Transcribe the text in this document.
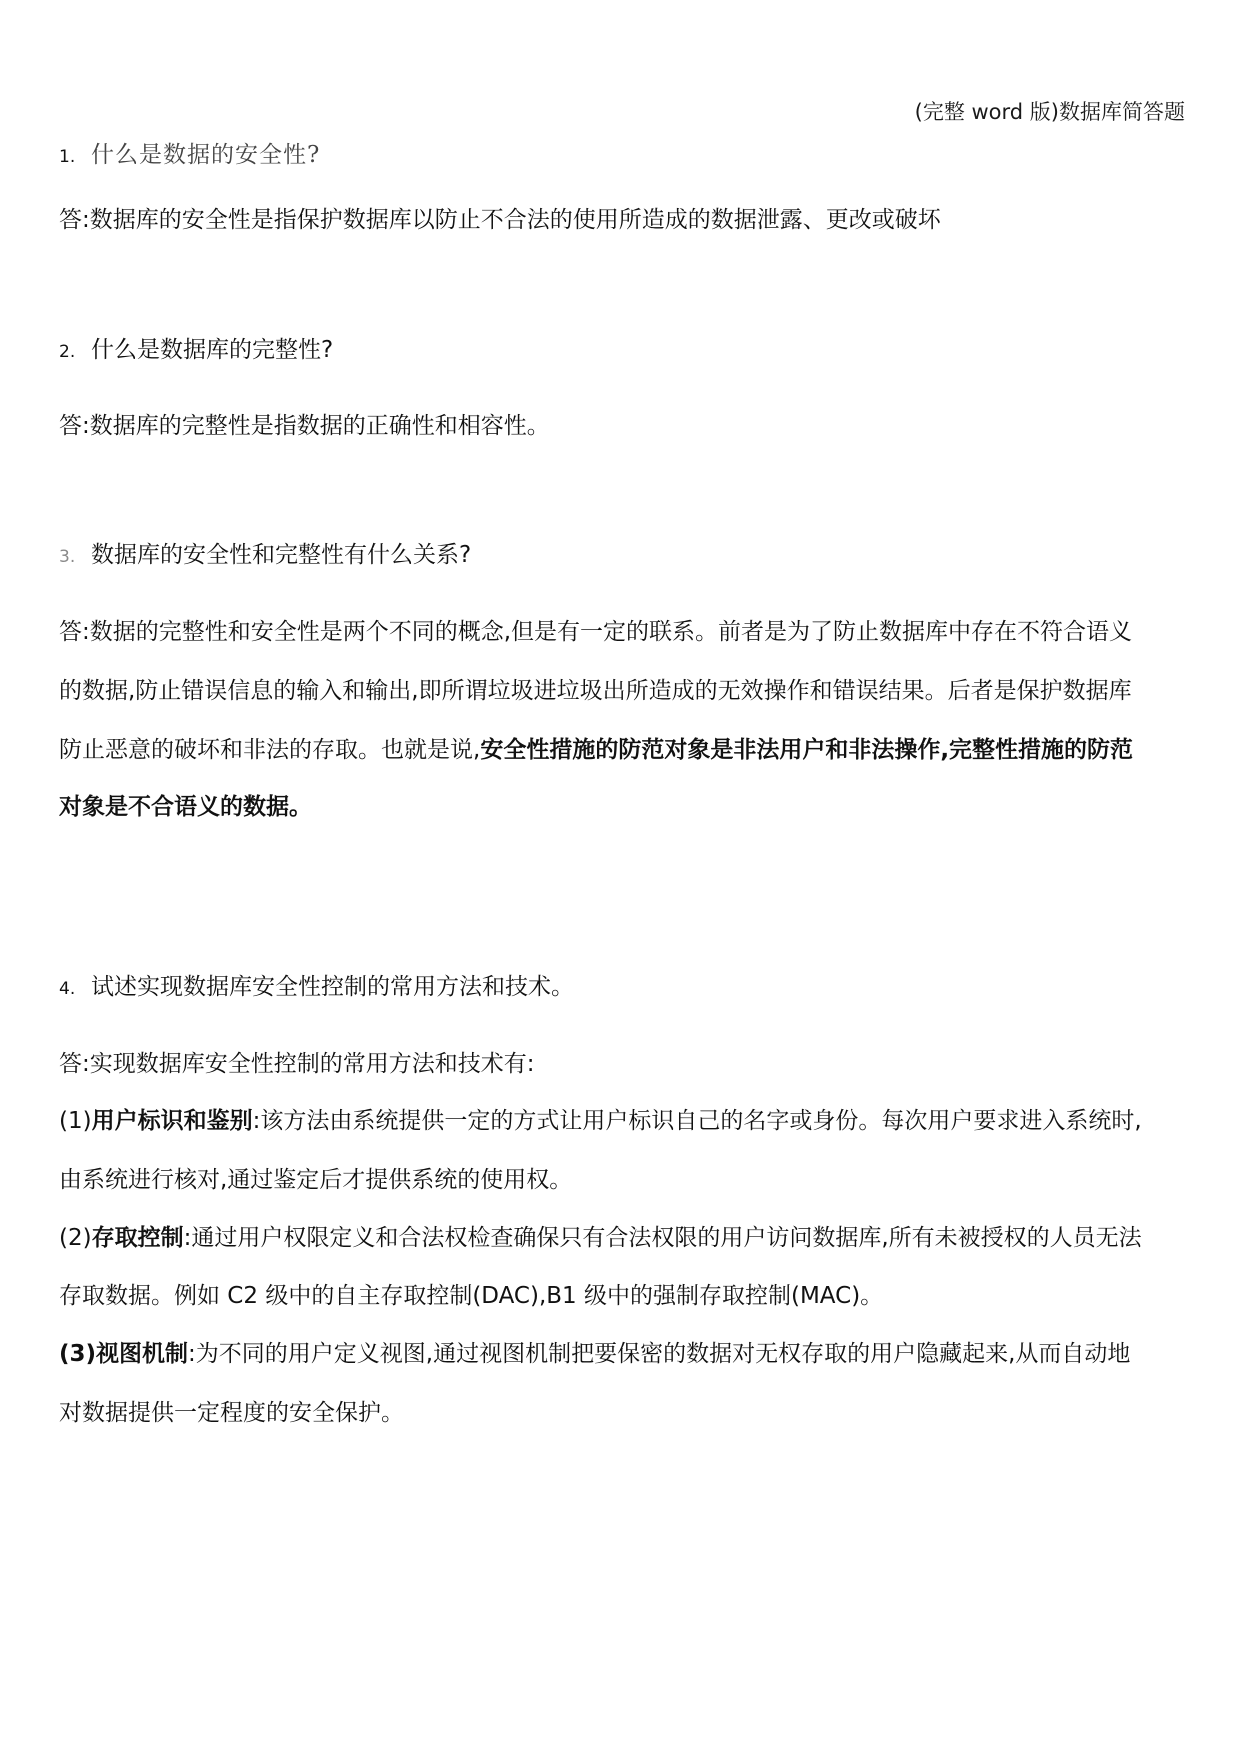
(完整 word 版)数据库简答题
1. 什么是数据的安全性?
答:数据库的安全性是指保护数据库以防止不合法的使用所造成的数据泄露、更改或破坏
2. 什么是数据库的完整性?
答:数据库的完整性是指数据的正确性和相容性。
3. 数据库的安全性和完整性有什么关系?
答:数据的完整性和安全性是两个不同的概念,但是有一定的联系。前者是为了防止数据库中存在不符合语义
的数据,防止错误信息的输入和输出,即所谓垃圾进垃圾出所造成的无效操作和错误结果。后者是保护数据库
防止恶意的破坏和非法的存取。也就是说,安全性措施的防范对象是非法用户和非法操作,完整性措施的防范
对象是不合语义的数据。
4. 试述实现数据库安全性控制的常用方法和技术。
答:实现数据库安全性控制的常用方法和技术有:
(1)用户标识和鉴别:该方法由系统提供一定的方式让用户标识自己的名字或身份。每次用户要求进入系统时,
由系统进行核对,通过鉴定后才提供系统的使用权。
(2)存取控制:通过用户权限定义和合法权检查确保只有合法权限的用户访问数据库,所有未被授权的人员无法
存取数据。例如 C2 级中的自主存取控制(DAC),B1 级中的强制存取控制(MAC)。
(3)视图机制:为不同的用户定义视图,通过视图机制把要保密的数据对无权存取的用户隐藏起来,从而自动地
对数据提供一定程度的安全保护。
